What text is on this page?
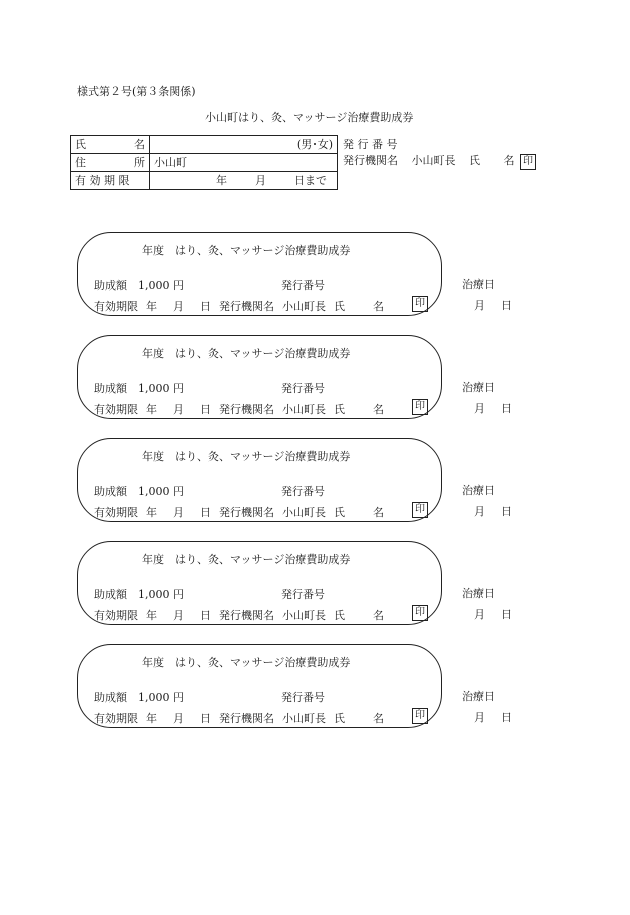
様式第２号(第３条関係)
小山町はり、灸、マッサージ治療費助成券
氏 名	(男･女)

住 所	小山町
有 効 期 限	年 月 日まで
発 行 番 号
発行機関名 小山町長 氏 名 印
年度　はり、灸、マッサージ治療費助成券
助成額　 1,000 円	発行番号
有効期限 年 月 日 発行機関名 小山町長 氏	名	印
治療日
月 日
年度　はり、灸、マッサージ治療費助成券
助成額　 1,000 円	発行番号
有効期限 年 月 日 発行機関名 小山町長 氏	名	印
治療日
月 日
年度　はり、灸、マッサージ治療費助成券
助成額　 1,000 円	発行番号
有効期限 年 月 日 発行機関名 小山町長 氏	名	印
治療日
月 日
年度　はり、灸、マッサージ治療費助成券
助成額　 1,000 円	発行番号
有効期限 年 月 日 発行機関名 小山町長 氏	名	印
治療日
月 日
年度　はり、灸、マッサージ治療費助成券
助成額　 1,000 円	発行番号
有効期限 年 月 日 発行機関名 小山町長 氏	名	印
治療日
月 日
